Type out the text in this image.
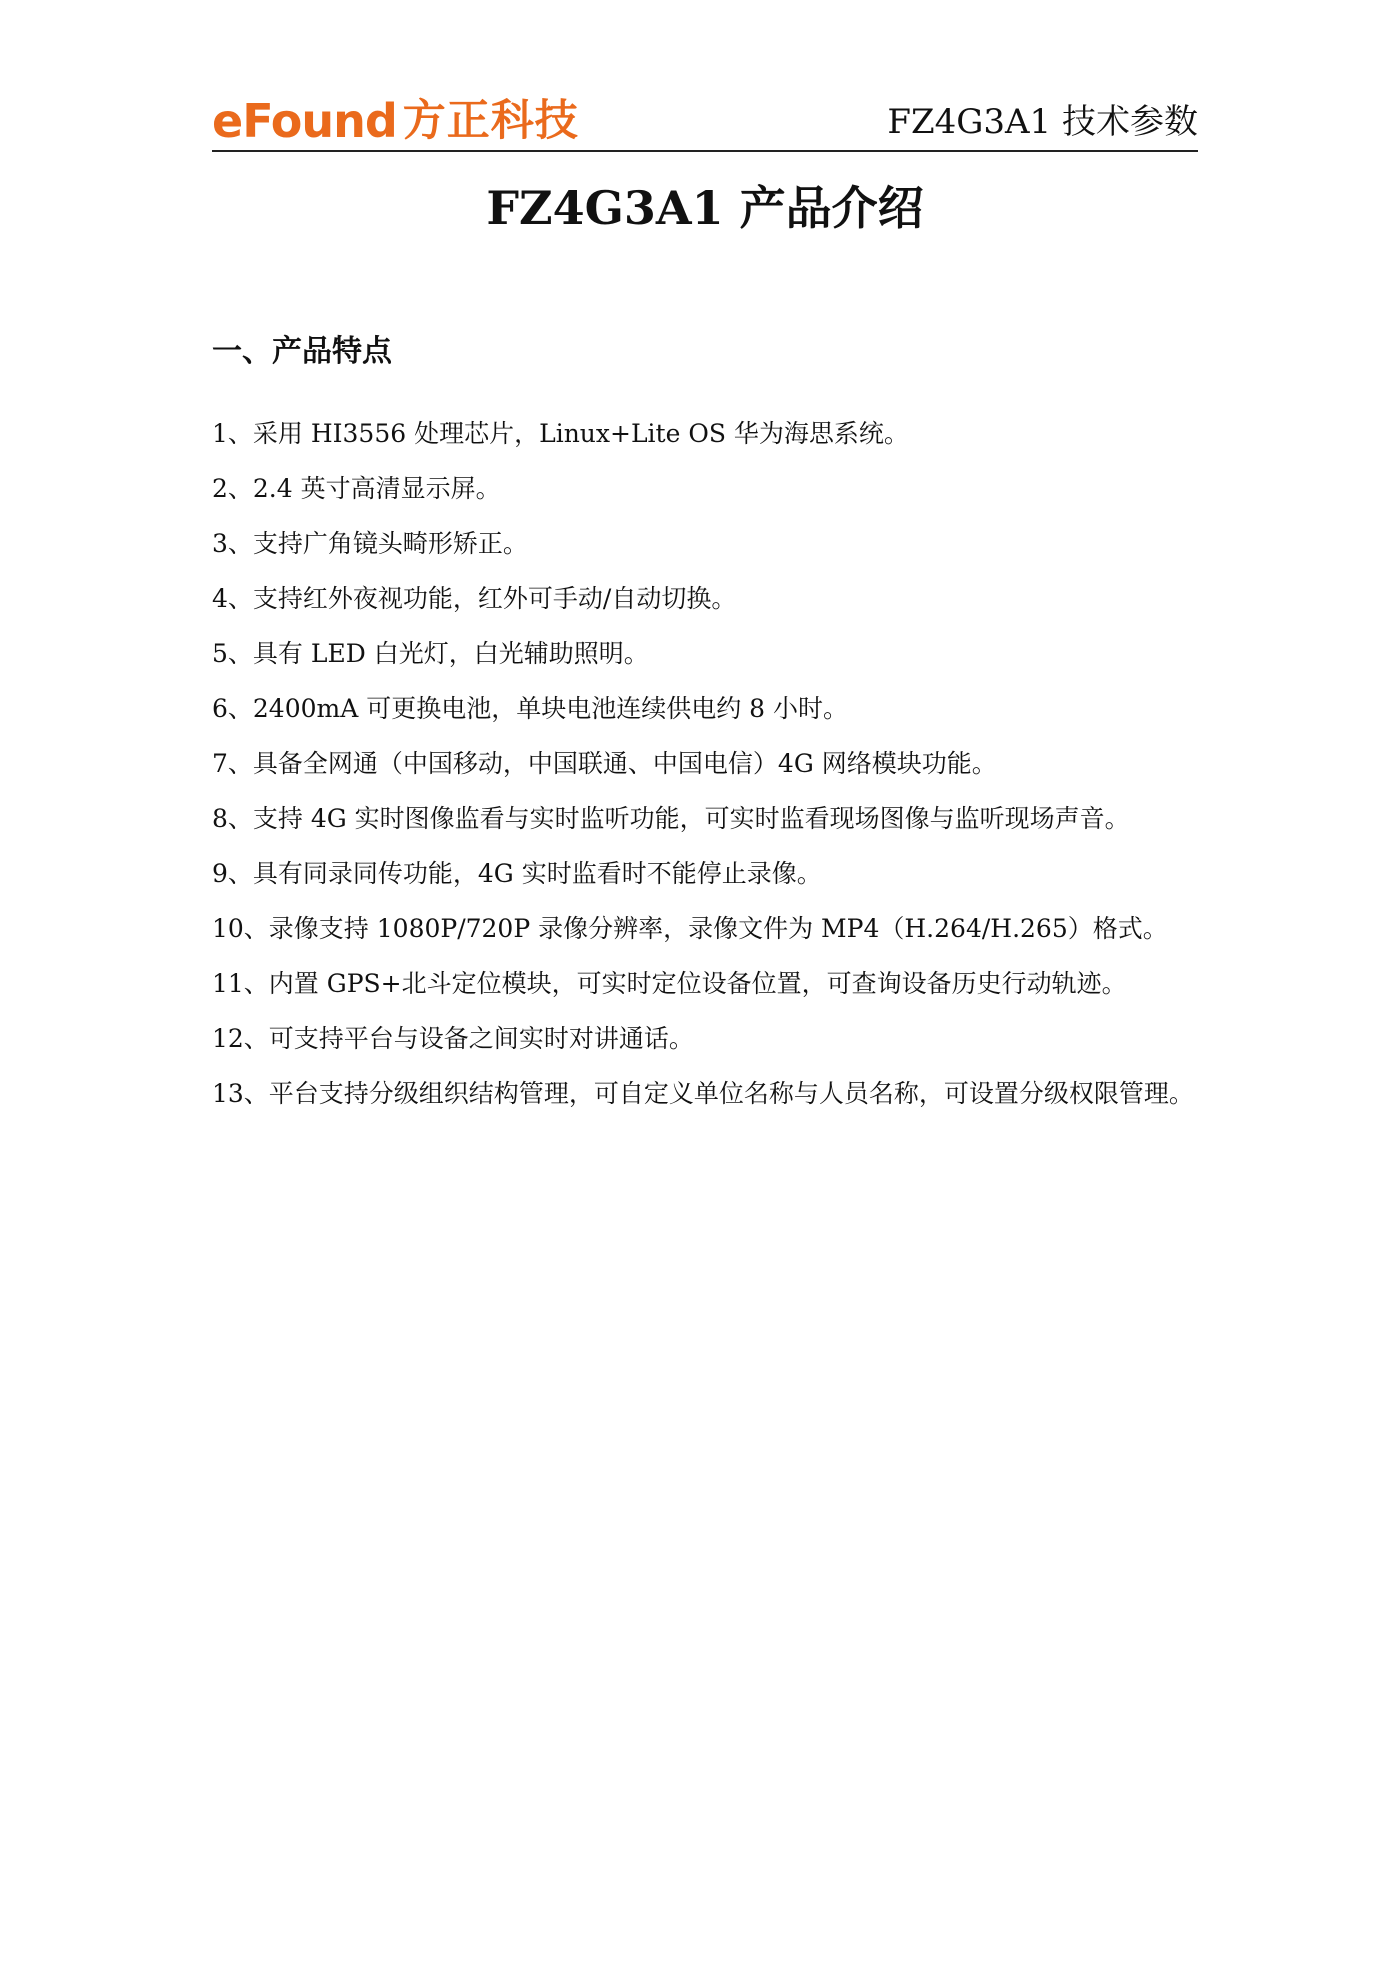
eFound 方正科技	FZ4G3A1 技术参数
FZ4G3A1 产品介绍
一、产品特点
1、采用 HI3556 处理芯片，Linux+Lite OS 华为海思系统。
2、2.4 英寸高清显示屏。
3、支持广角镜头畸形矫正。
4、支持红外夜视功能，红外可手动/自动切换。
5、具有 LED 白光灯，白光辅助照明。
6、2400mA 可更换电池，单块电池连续供电约 8 小时。
7、具备全网通（中国移动，中国联通、中国电信）4G 网络模块功能。
8、支持 4G 实时图像监看与实时监听功能，可实时监看现场图像与监听现场声音。
9、具有同录同传功能，4G 实时监看时不能停止录像。
10、录像支持 1080P/720P 录像分辨率，录像文件为 MP4（H.264/H.265）格式。
11、内置 GPS+北斗定位模块，可实时定位设备位置，可查询设备历史行动轨迹。
12、可支持平台与设备之间实时对讲通话。
13、平台支持分级组织结构管理，可自定义单位名称与人员名称，可设置分级权限管理。
